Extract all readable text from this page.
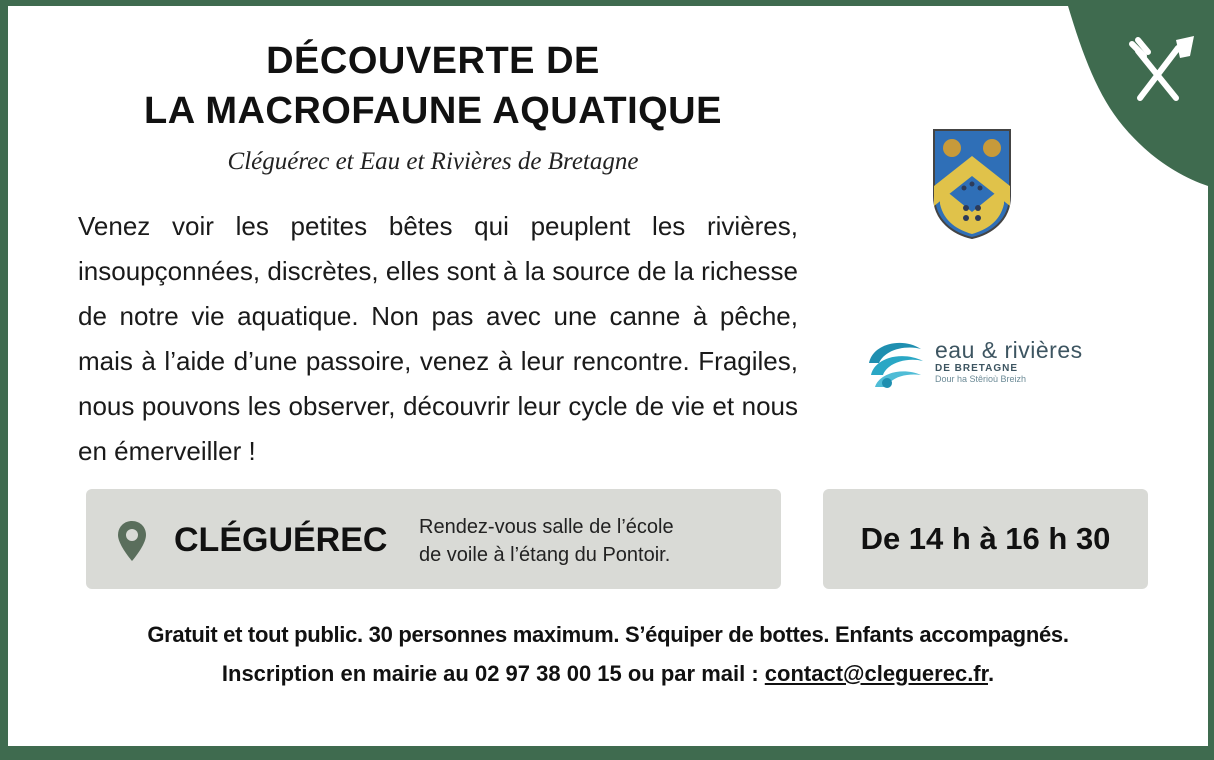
DÉCOUVERTE DE
LA MACROFAUNE AQUATIQUE
Cléguérec et Eau et Rivières de Bretagne
Venez voir les petites bêtes qui peuplent les rivières, insoupçonnées, discrètes, elles sont à la source de la richesse de notre vie aquatique. Non pas avec une canne à pêche, mais à l’aide d’une passoire, venez à leur rencontre. Fragiles, nous pouvons les observer, découvrir leur cycle de vie et nous en émerveiller !
eau & rivières
DE BRETAGNE
Dour ha Stêrioù Breizh
CLÉGUÉREC Rendez-vous salle de l’école
de voile à l’étang du Pontoir.	De 14 h à 16 h 30
Gratuit et tout public. 30 personnes maximum. S’équiper de bottes. Enfants accompagnés.
Inscription en mairie au 02 97 38 00 15 ou par mail : contact@cleguerec.fr.
